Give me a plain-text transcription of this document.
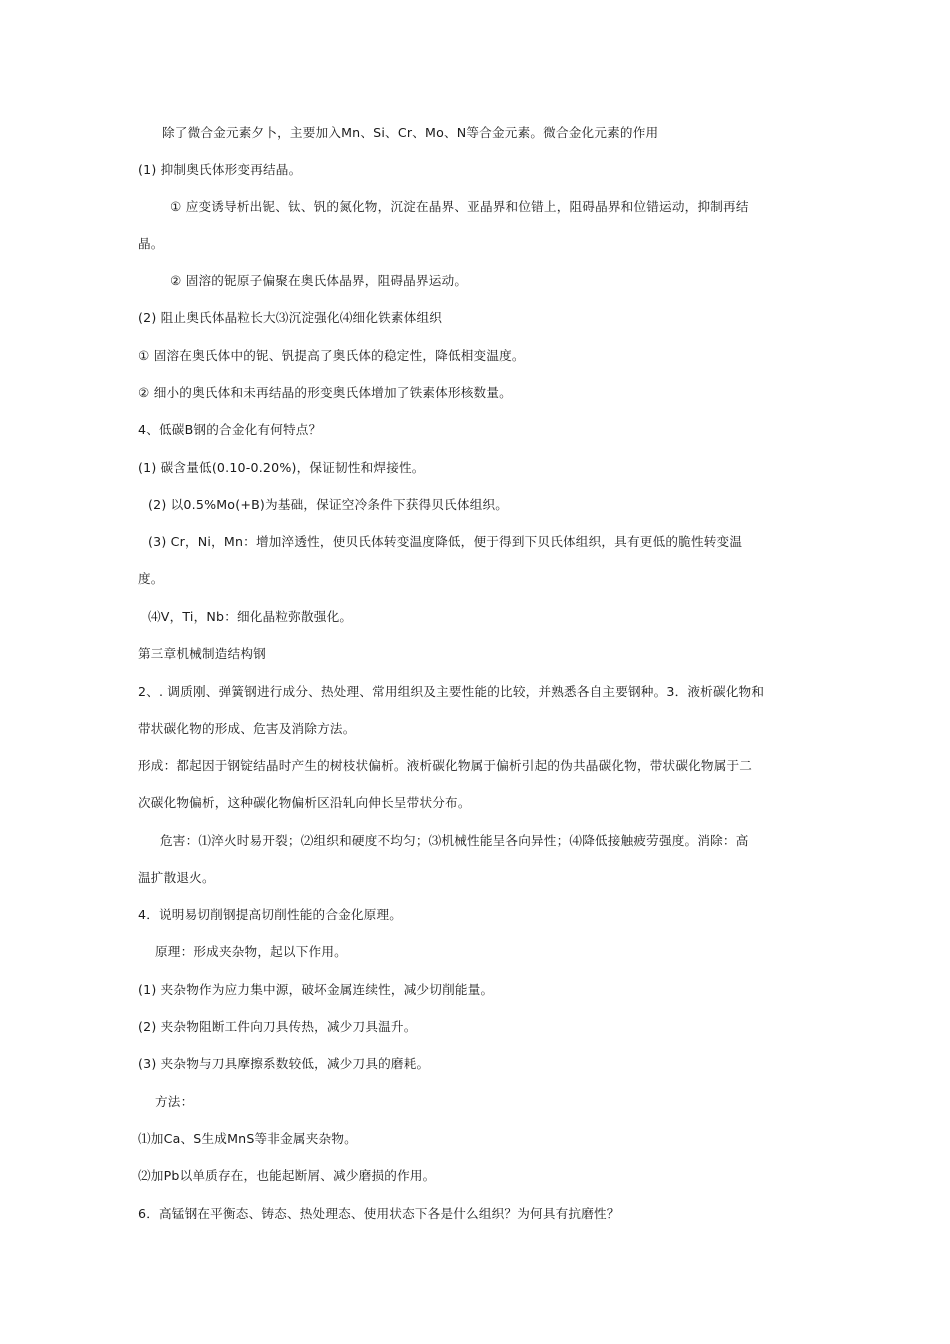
除了微合金元素夕卜，主要加入Mn、Si、Cr、Mo、N等合金元素。微合金化元素的作用
(1) 抑制奥氏体形变再结晶。
① 应变诱导析出铌、钛、钒的氮化物，沉淀在晶界、亚晶界和位错上，阻碍晶界和位错运动，抑制再结
晶。
② 固溶的铌原子偏聚在奥氏体晶界，阻碍晶界运动。
(2) 阻止奥氏体晶粒长大⑶沉淀强化⑷细化铁素体组织
① 固溶在奥氏体中的铌、钒提高了奥氏体的稳定性，降低相变温度。
② 细小的奥氏体和未再结晶的形变奥氏体增加了铁素体形核数量。
4、低碳B钢的合金化有何特点？
(1) 碳含量低(0.10-0.20%)，保证韧性和焊接性。
(2) 以0.5%Mo(+B)为基础，保证空冷条件下获得贝氏体组织。
(3) Cr，Ni，Mn：增加淬透性，使贝氏体转变温度降低，便于得到下贝氏体组织，具有更低的脆性转变温
度。
⑷V，Ti，Nb：细化晶粒弥散强化。
第三章机械制造结构钢
2、. 调质刚、弹簧钢进行成分、热处理、常用组织及主要性能的比较，并熟悉各自主要钢种。3．液析碳化物和
带状碳化物的形成、危害及消除方法。
形成：都起因于钢锭结晶时产生的树枝状偏析。液析碳化物属于偏析引起的伪共晶碳化物，带状碳化物属于二
次碳化物偏析，这种碳化物偏析区沿轧向伸长呈带状分布。
危害：⑴淬火时易开裂；⑵组织和硬度不均匀；⑶机械性能呈各向异性；⑷降低接触疲劳强度。消除：高
温扩散退火。
4．说明易切削钢提高切削性能的合金化原理。
原理：形成夹杂物，起以下作用。
(1) 夹杂物作为应力集中源，破坏金属连续性，减少切削能量。
(2) 夹杂物阻断工件向刀具传热，减少刀具温升。
(3) 夹杂物与刀具摩擦系数较低，减少刀具的磨耗。
方法：
⑴加Ca、S生成MnS等非金属夹杂物。
⑵加Pb以单质存在，也能起断屑、减少磨损的作用。
6．高锰钢在平衡态、铸态、热处理态、使用状态下各是什么组织？为何具有抗磨性？
